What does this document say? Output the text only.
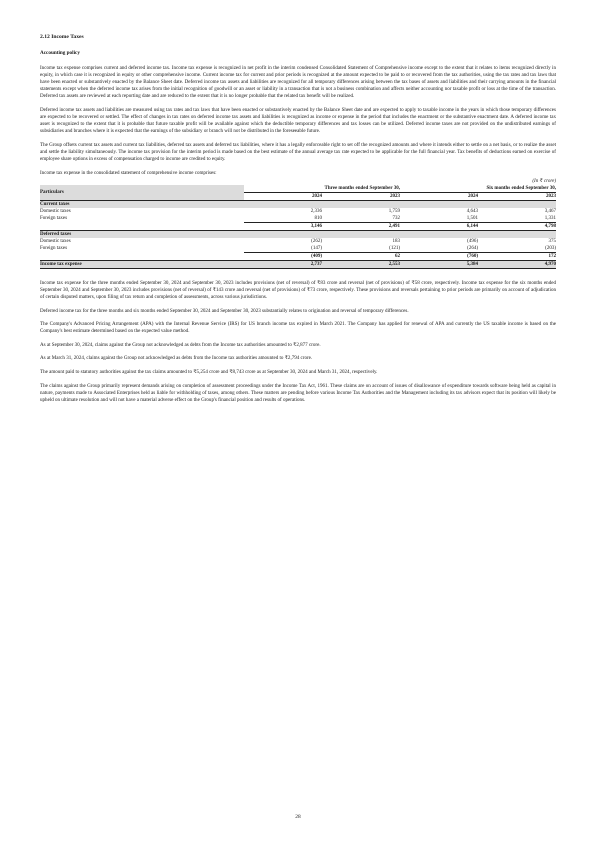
2.12 Income Taxes
Accounting policy

Income tax expense comprises current and deferred income tax. Income tax expense is recognized in net profit in the interim condensed Consolidated Statement of Comprehensive income except to the extent that it relates to items recognized directly in equity, in which case it is recognized in equity or other comprehensive income. Current income tax for current and prior periods is recognized at the amount expected to be paid to or recovered from the tax authorities, using the tax rates and tax laws that have been enacted or substantively enacted by the Balance Sheet date. Deferred income tax assets and liabilities are recognized for all temporary differences arising between the tax bases of assets and liabilities and their carrying amounts in the financial statements except when the deferred income tax arises from the initial recognition of goodwill or an asset or liability in a transaction that is not a business combination and affects neither accounting nor taxable profit or loss at the time of the transaction. Deferred tax assets are reviewed at each reporting date and are reduced to the extent that it is no longer probable that the related tax benefit will be realized.

Deferred income tax assets and liabilities are measured using tax rates and tax laws that have been enacted or substantively enacted by the Balance Sheet date and are expected to apply to taxable income in the years in which those temporary differences are expected to be recovered or settled. The effect of changes in tax rates on deferred income tax assets and liabilities is recognized as income or expense in the period that includes the enactment or the substantive enactment date. A deferred income tax asset is recognized to the extent that it is probable that future taxable profit will be available against which the deductible temporary differences and tax losses can be utilized. Deferred income taxes are not provided on the undistributed earnings of subsidiaries and branches where it is expected that the earnings of the subsidiary or branch will not be distributed in the foreseeable future.

The Group offsets current tax assets and current tax liabilities, deferred tax assets and deferred tax liabilities, where it has a legally enforceable right to set off the recognized amounts and where it intends either to settle on a net basis, or to realize the asset and settle the liability simultaneously. The income tax provision for the interim period is made based on the best estimate of the annual average tax rate expected to be applicable for the full financial year. Tax benefits of deductions earned on exercise of employee share options in excess of compensation charged to income are credited to equity.

Income tax expense in the consolidated statement of comprehensive income comprises:

(In ₹ crore)
Particulars	Three months ended September 30,		Six months ended September 30,	
	2024	2023	2024	2023
Current taxes				
Domestic taxes	2,336	1,759	4,643	3,467
Foreign taxes	810	732	1,501	1,331
	3,146	2,491	6,144	4,798
Deferred taxes				
Domestic taxes	(262)	183	(496)	375
Foreign taxes	(147)	(121)	(264)	(203)
	(409)	62	(760)	172
Income tax expense	2,737	2,553	5,384	4,970

Income tax expense for the three months ended September 30, 2024 and September 30, 2023 includes provisions (net of reversal) of ₹83 crore and reversal (net of provisions) of ₹58 crore, respectively. Income tax expense for the six months ended September 30, 2024 and September 30, 2023 includes provisions (net of reversal) of ₹143 crore and reversal (net of provisions) of ₹73 crore, respectively. These provisions and reversals pertaining to prior periods are primarily on account of adjudication of certain disputed matters, upon filing of tax return and completion of assessments, across various jurisdictions.

Deferred income tax for the three months and six months ended September 30, 2024 and September 30, 2023 substantially relates to origination and reversal of temporary differences.

The Company's Advanced Pricing Arrangement (APA) with the Internal Revenue Service (IRS) for US branch income tax expired in March 2021. The Company has applied for renewal of APA and currently the US taxable income is based on the Company's best estimate determined based on the expected value method.

As at September 30, 2024, claims against the Group not acknowledged as debts from the Income tax authorities amounted to ₹2,877 crore.

As at March 31, 2024, claims against the Group not acknowledged as debts from the Income tax authorities amounted to ₹2,794 crore.

The amount paid to statutory authorities against the tax claims amounted to ₹5,254 crore and ₹8,743 crore as at September 30, 2024 and March 31, 2024, respectively.

The claims against the Group primarily represent demands arising on completion of assessment proceedings under the Income Tax Act, 1961. These claims are on account of issues of disallowance of expenditure towards software being held as capital in nature, payments made to Associated Enterprises held as liable for withholding of taxes, among others. These matters are pending before various Income Tax Authorities and the Management including its tax advisors expect that its position will likely be upheld on ultimate resolution and will not have a material adverse effect on the Group's financial position and results of operations.

28
